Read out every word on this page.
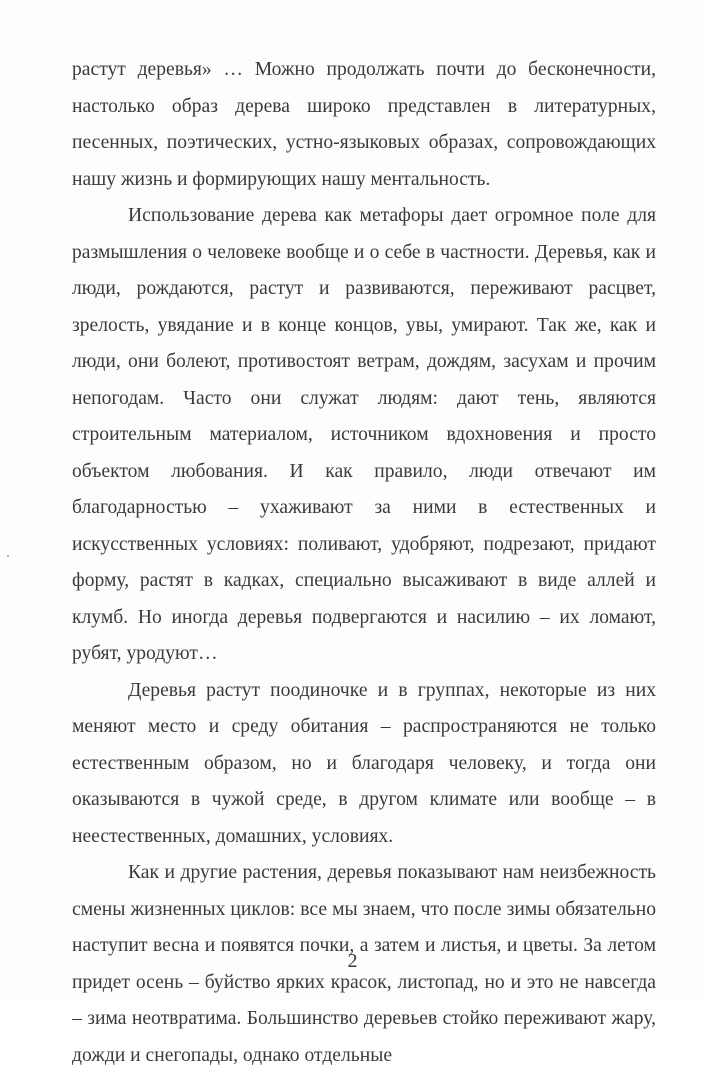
растут деревья» … Можно продолжать почти до бесконечности, настолько образ дерева широко представлен в литературных, песенных, поэтических, устно-языковых образах, сопровождающих нашу жизнь и формирующих нашу ментальность.

Использование дерева как метафоры дает огромное поле для размышления о человеке вообще и о себе в частности. Деревья, как и люди, рождаются, растут и развиваются, переживают расцвет, зрелость, увядание и в конце концов, увы, умирают. Так же, как и люди, они болеют, противостоят ветрам, дождям, засухам и прочим непогодам. Часто они служат людям: дают тень, являются строительным материалом, источником вдохновения и просто объектом любования. И как правило, люди отвечают им благодарностью – ухаживают за ними в естественных и искусственных условиях: поливают, удобряют, подрезают, придают форму, растят в кадках, специально высаживают в виде аллей и клумб. Но иногда деревья подвергаются и насилию – их ломают, рубят, уродуют…

Деревья растут поодиночке и в группах, некоторые из них меняют место и среду обитания – распространяются не только естественным образом, но и благодаря человеку, и тогда они оказываются в чужой среде, в другом климате или вообще – в неестественных, домашних, условиях.

Как и другие растения, деревья показывают нам неизбежность смены жизненных циклов: все мы знаем, что после зимы обязательно наступит весна и появятся почки, а затем и листья, и цветы. За летом придет осень – буйство ярких красок, листопад, но и это не навсегда – зима неотвратима. Большинство деревьев стойко переживают жару, дожди и снегопады, однако отдельные

2
